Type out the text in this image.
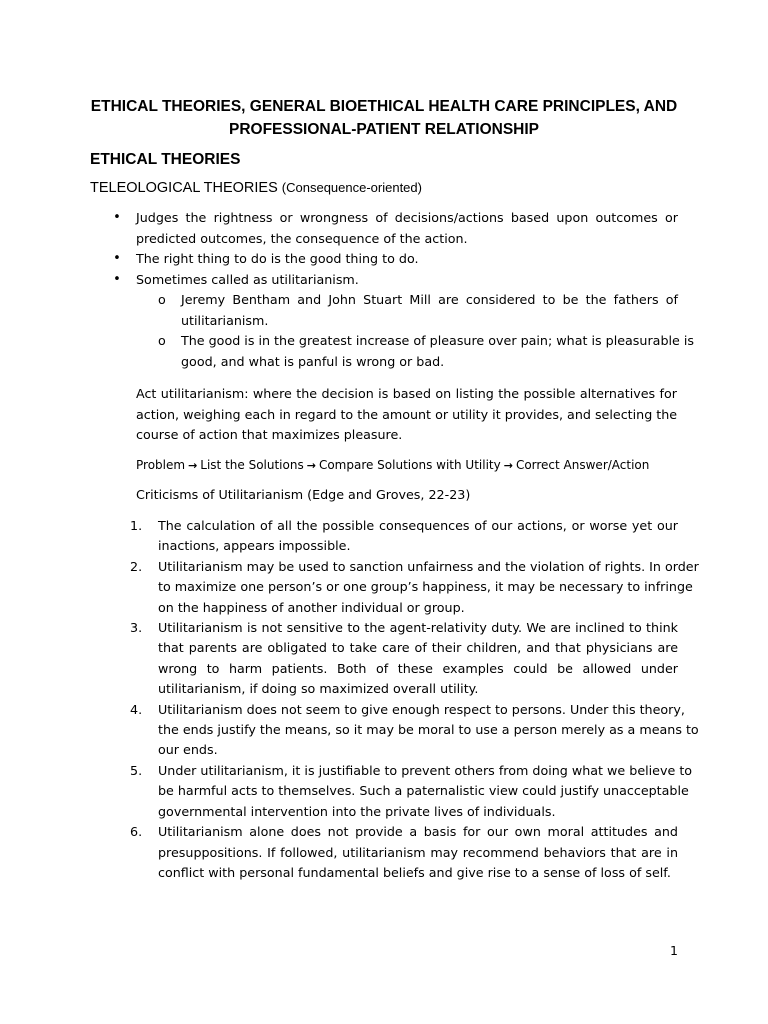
ETHICAL THEORIES, GENERAL BIOETHICAL HEALTH CARE PRINCIPLES, AND
PROFESSIONAL-PATIENT RELATIONSHIP
ETHICAL THEORIES
TELEOLOGICAL THEORIES (Consequence-oriented)
• Judges the rightness or wrongness of decisions/actions based upon outcomes or
predicted outcomes, the consequence of the action.
• The right thing to do is the good thing to do.
• Sometimes called as utilitarianism.
o Jeremy Bentham and John Stuart Mill are considered to be the fathers of
utilitarianism.
o The good is in the greatest increase of pleasure over pain; what is pleasurable is
good, and what is panful is wrong or bad.
Act utilitarianism: where the decision is based on listing the possible alternatives for
action, weighing each in regard to the amount or utility it provides, and selecting the
course of action that maximizes pleasure.
Problem → List the Solutions → Compare Solutions with Utility → Correct Answer/Action
Criticisms of Utilitarianism (Edge and Groves, 22-23)
1. The calculation of all the possible consequences of our actions, or worse yet our
inactions, appears impossible.
2. Utilitarianism may be used to sanction unfairness and the violation of rights. In order
to maximize one person’s or one group’s happiness, it may be necessary to infringe
on the happiness of another individual or group.
3. Utilitarianism is not sensitive to the agent-relativity duty. We are inclined to think
that parents are obligated to take care of their children, and that physicians are
wrong to harm patients. Both of these examples could be allowed under
utilitarianism, if doing so maximized overall utility.
4. Utilitarianism does not seem to give enough respect to persons. Under this theory,
the ends justify the means, so it may be moral to use a person merely as a means to
our ends.
5. Under utilitarianism, it is justifiable to prevent others from doing what we believe to
be harmful acts to themselves. Such a paternalistic view could justify unacceptable
governmental intervention into the private lives of individuals.
6. Utilitarianism alone does not provide a basis for our own moral attitudes and
presuppositions. If followed, utilitarianism may recommend behaviors that are in
conflict with personal fundamental beliefs and give rise to a sense of loss of self.
1
